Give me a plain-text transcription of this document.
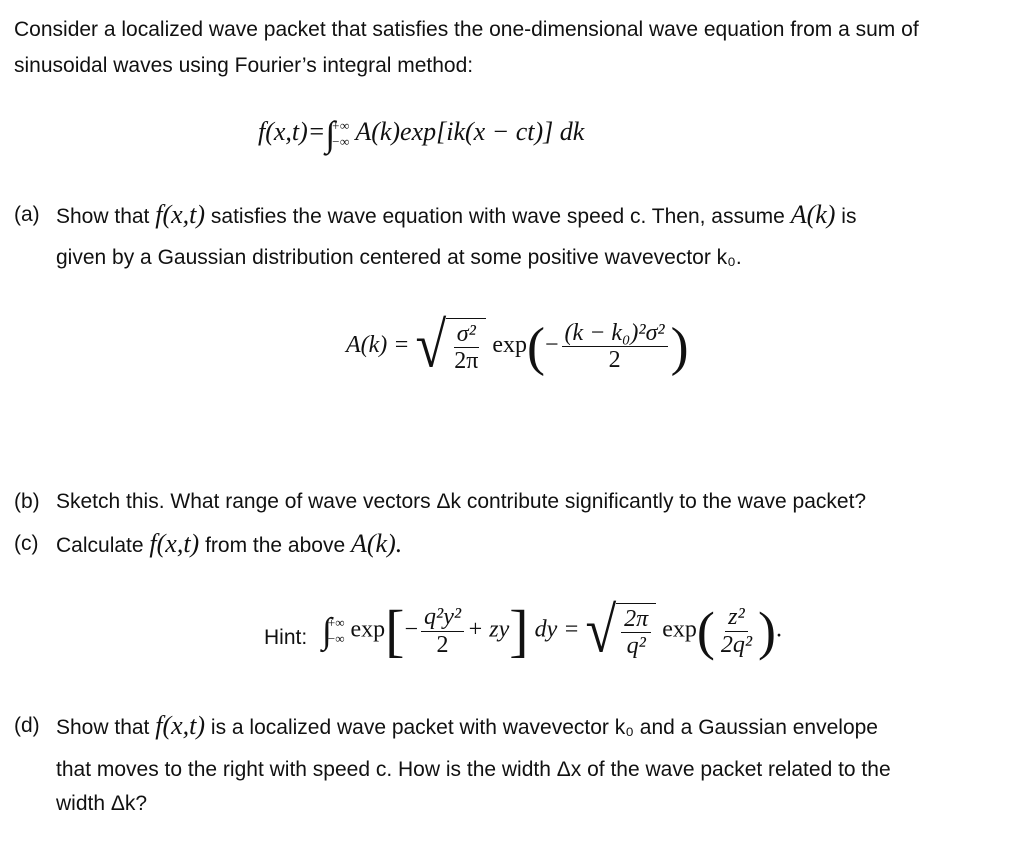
Consider a localized wave packet that satisfies the one-dimensional wave equation from a sum of
sinusoidal waves using Fourier’s integral method:
f(x,t)=∫
+∞
−∞ A(k)exp[ik(x − ct)] dk
(a) Show that f(x,t) satisfies the wave equation with wave speed c. Then, assume A(k) is
given by a Gaussian distribution centered at some positive wavevector k₀.
A(k) = √ $\frac{\text{σ²}}{2\pi} \exp(- \frac{\text{(k − k₀)²σ²}}{2}$ )
(b) Sketch this. What range of wave vectors Δk contribute significantly to the wave packet?
(c) Calculate f(x,t) from the above A(k).
Hint: ∫
+∞
−∞ $\exp[- \frac{\text{q²y²}}{2} + zy]$ dy = √ $\frac{2\pi}{\text{q²}} \exp( \frac{\text{z²}}{\text{2q²}}$ ).
(d) Show that f(x,t) is a localized wave packet with wavevector k₀ and a Gaussian envelope
that moves to the right with speed c. How is the width Δx of the wave packet related to the
width Δk?
